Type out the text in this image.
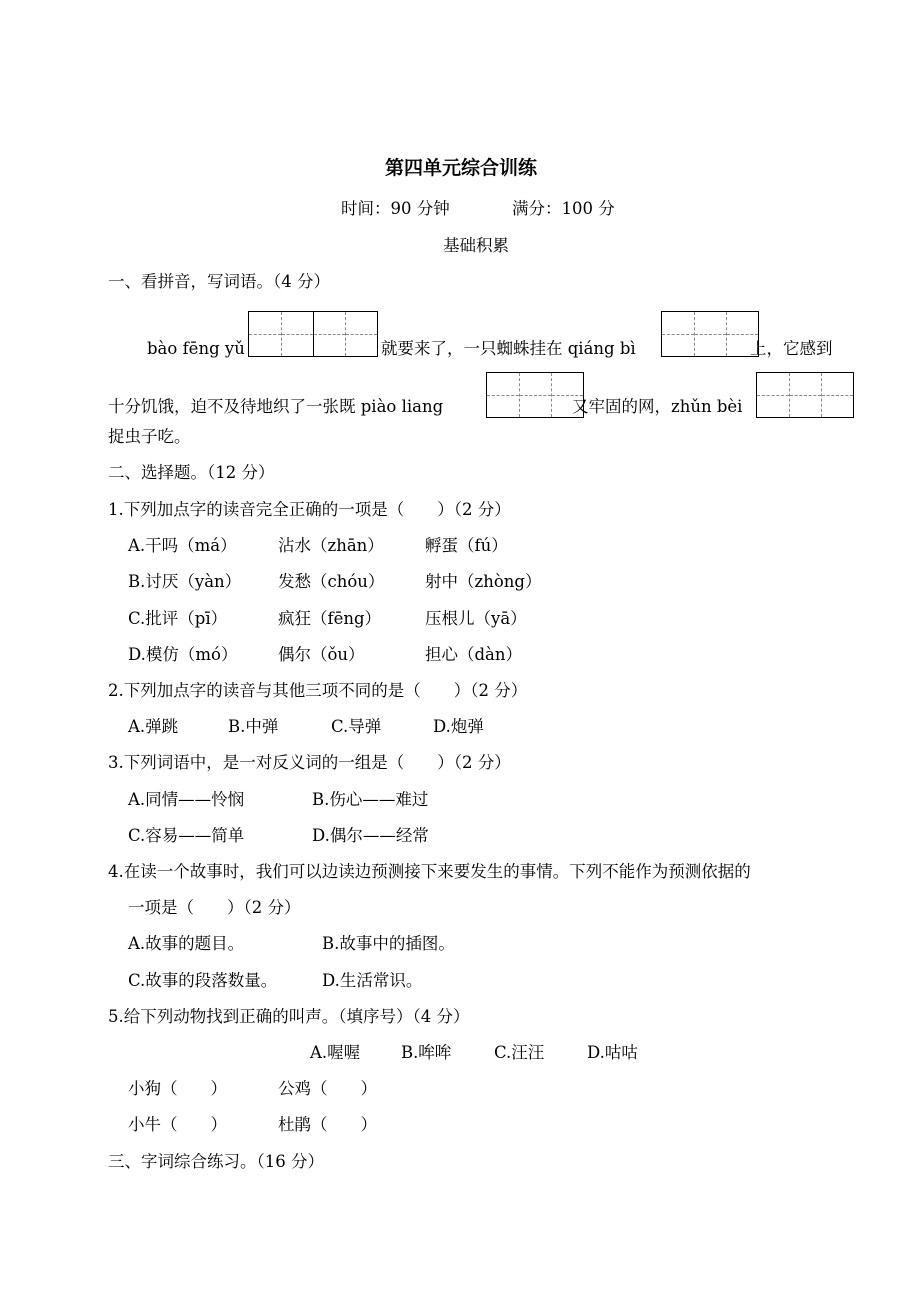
第四单元综合训练
时间：90 分钟	满分：100 分
基础积累
一、看拼音，写词语。（4 分）
bào fēng yǔ	就要来了，一只蜘蛛挂在 qiáng bì	上，它感到
十分饥饿，迫不及待地织了一张既 piào liang	又牢固的网，zhǔn bèi
捉虫子吃。
二、选择题。（12 分）
1.下列加点字的读音完全正确的一项是（　　）（2 分）
A.干吗（má）	沾水（zhān） 孵蛋（fú）
B.讨厌（yàn） 发愁（chóu） 射中（zhòng）
C.批评（pī）	疯狂（fēng）	压根儿（yā）
D.模仿（mó） 偶尔（ǒu）	担心（dàn）
2.下列加点字的读音与其他三项不同的是（　　）（2 分）
A.弹跳	B.中弹	C.导弹	D.炮弹
3.下列词语中，是一对反义词的一组是（　　）（2 分）
A.同情——怜悯	B.伤心——难过
C.容易——简单	D.偶尔——经常
4.在读一个故事时，我们可以边读边预测接下来要发生的事情。下列不能作为预测依据的
一项是（　　）（2 分）
A.故事的题目。	B.故事中的插图。
C.故事的段落数量。	D.生活常识。
5.给下列动物找到正确的叫声。（填序号）（4 分）
A.喔喔 B.哞哞	C.汪汪	D.咕咕
小狗（　　）	公鸡（　　）
小牛（　　）	杜鹃（　　）
三、字词综合练习。（16 分）
